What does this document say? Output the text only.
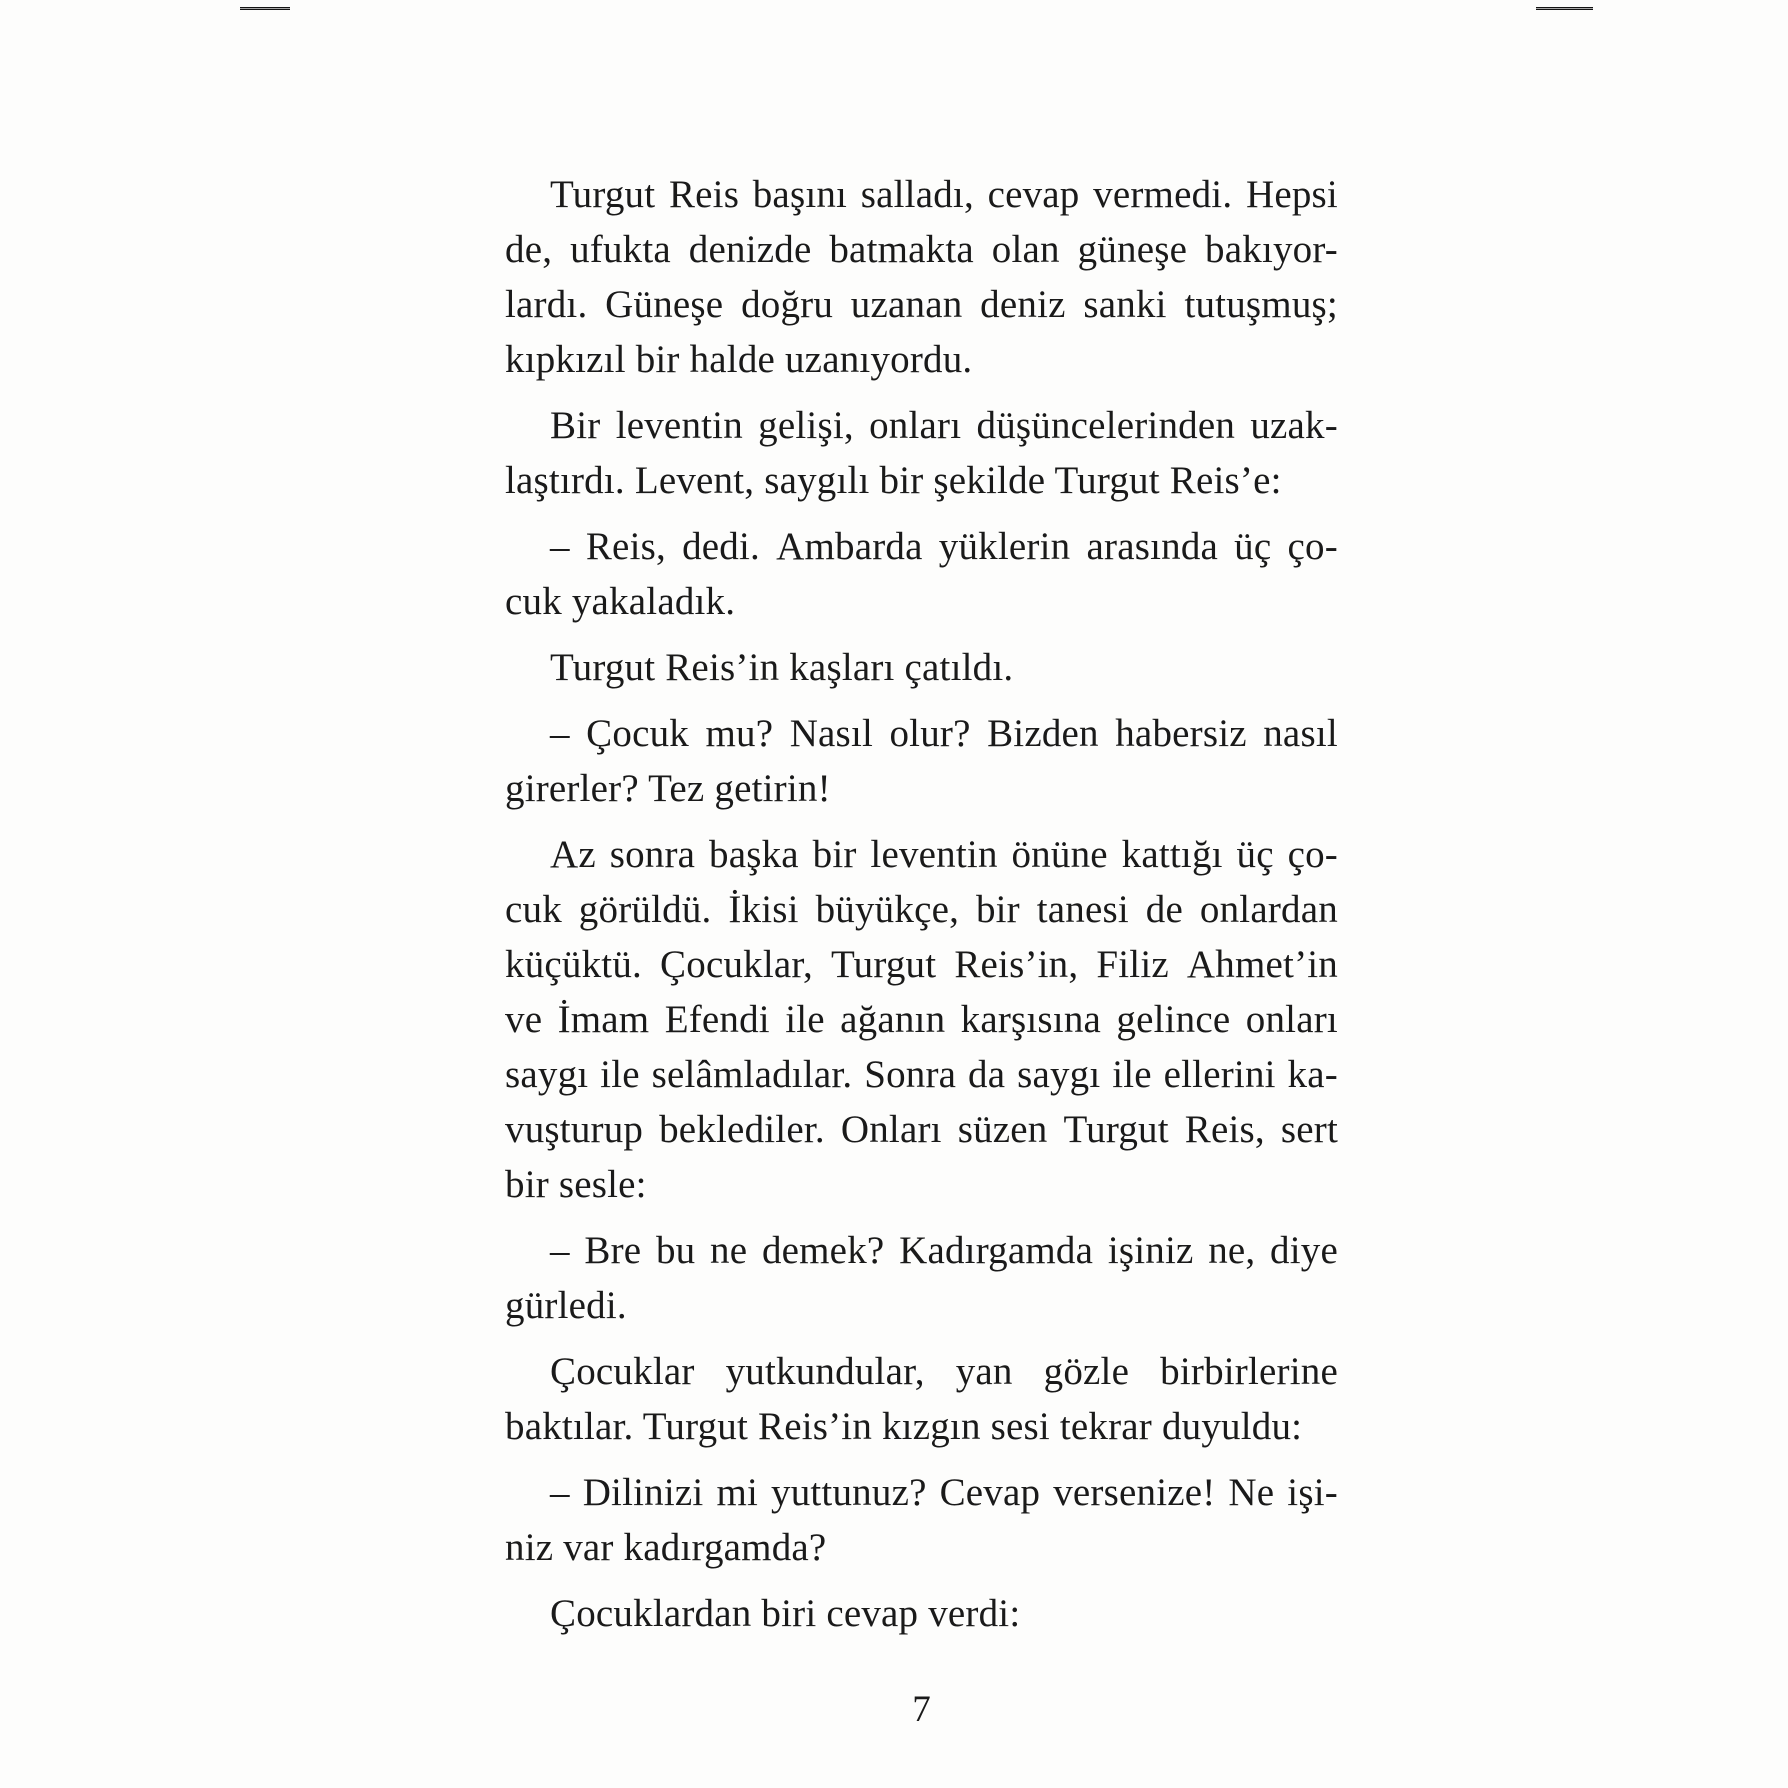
Turgut Reis başını salladı, cevap vermedi. Hepsi
de, ufukta denizde batmakta olan güneşe bakıyor-
lardı. Güneşe doğru uzanan deniz sanki tutuşmuş;
kıpkızıl bir halde uzanıyordu.
Bir leventin gelişi, onları düşüncelerinden uzak-
laştırdı. Levent, saygılı bir şekilde Turgut Reis’e:
– Reis, dedi. Ambarda yüklerin arasında üç ço-
cuk yakaladık.
Turgut Reis’in kaşları çatıldı.
– Çocuk mu? Nasıl olur? Bizden habersiz nasıl
girerler? Tez getirin!
Az sonra başka bir leventin önüne kattığı üç ço-
cuk görüldü. İkisi büyükçe, bir tanesi de onlardan
küçüktü. Çocuklar, Turgut Reis’in, Filiz Ahmet’in
ve İmam Efendi ile ağanın karşısına gelince onları
saygı ile selâmladılar. Sonra da saygı ile ellerini ka-
vuşturup beklediler. Onları süzen Turgut Reis, sert
bir sesle:
– Bre bu ne demek? Kadırgamda işiniz ne, diye
gürledi.
Çocuklar yutkundular, yan gözle birbirlerine
baktılar. Turgut Reis’in kızgın sesi tekrar duyuldu:
– Dilinizi mi yuttunuz? Cevap versenize! Ne işi-
niz var kadırgamda?
Çocuklardan biri cevap verdi:
7
